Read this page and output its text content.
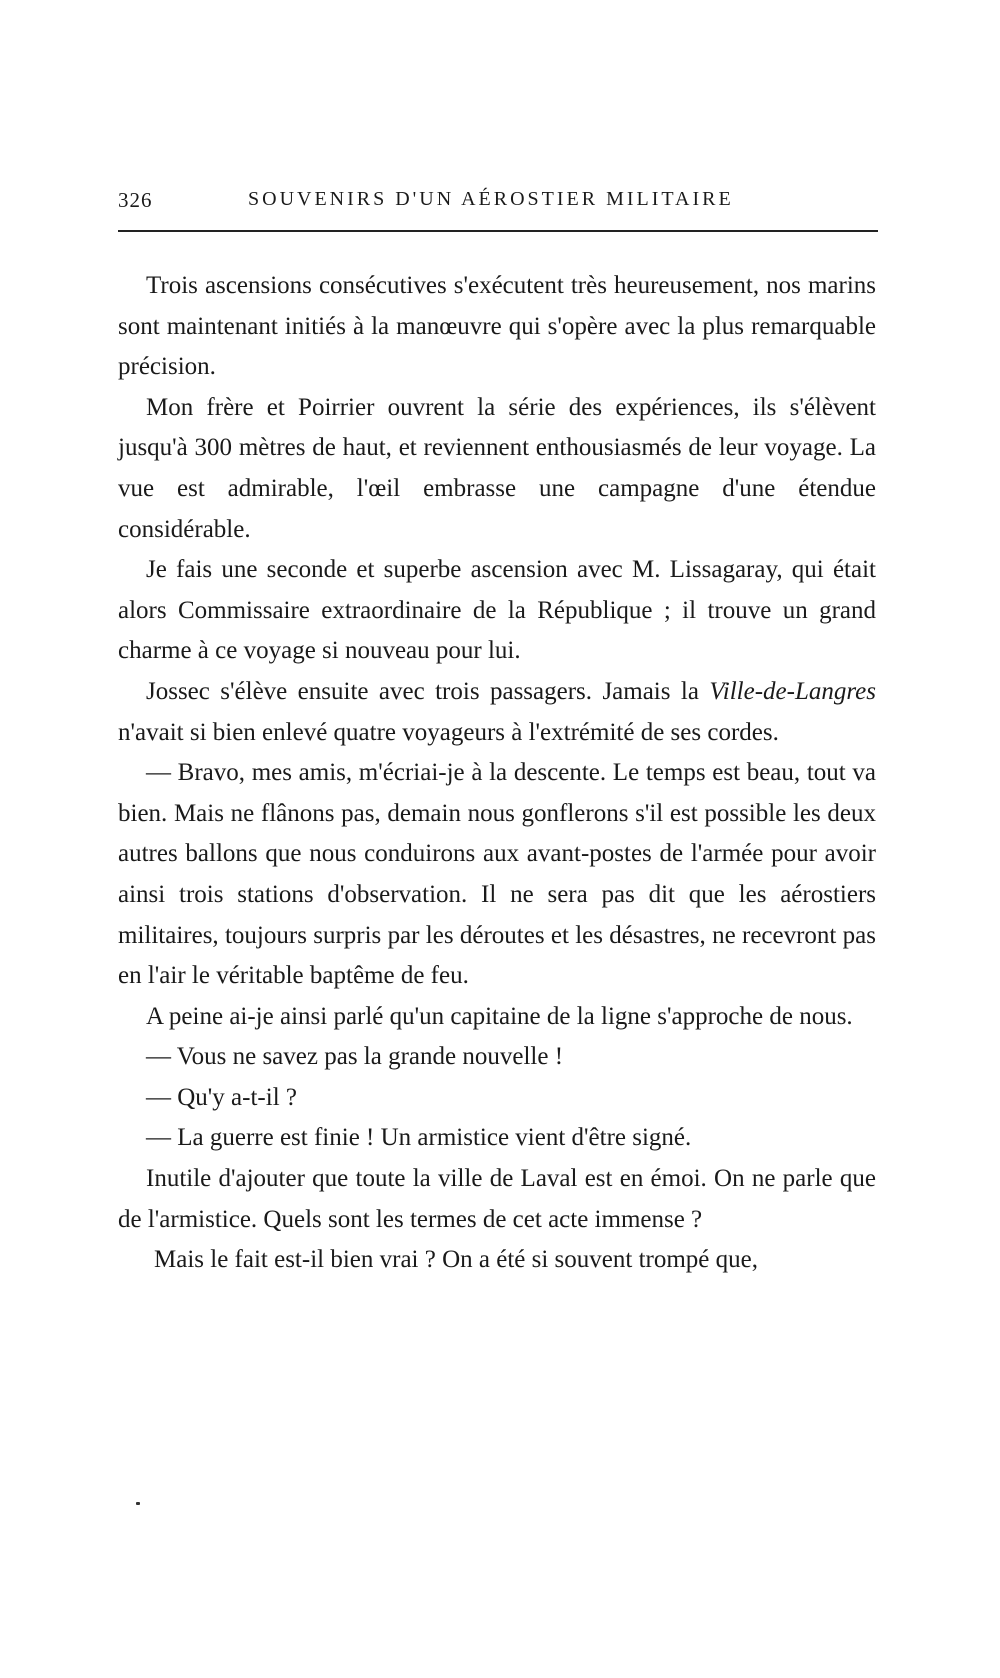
326	SOUVENIRS D'UN AÉROSTIER MILITAIRE

Trois ascensions consécutives s'exécutent très heureusement, nos marins sont maintenant initiés à la manœuvre qui s'opère avec la plus remarquable précision.

Mon frère et Poirrier ouvrent la série des expériences, ils s'élèvent jusqu'à 300 mètres de haut, et reviennent enthousiasmés de leur voyage. La vue est admirable, l'œil embrasse une campagne d'une étendue considérable.

Je fais une seconde et superbe ascension avec M. Lissagaray, qui était alors Commissaire extraordinaire de la République ; il trouve un grand charme à ce voyage si nouveau pour lui.

Jossec s'élève ensuite avec trois passagers. Jamais la Ville-de-Langres n'avait si bien enlevé quatre voyageurs à l'extrémité de ses cordes.

— Bravo, mes amis, m'écriai-je à la descente. Le temps est beau, tout va bien. Mais ne flânons pas, demain nous gonflerons s'il est possible les deux autres ballons que nous conduirons aux avant-postes de l'armée pour avoir ainsi trois stations d'observation. Il ne sera pas dit que les aérostiers militaires, toujours surpris par les déroutes et les désastres, ne recevront pas en l'air le véritable baptême de feu.

A peine ai-je ainsi parlé qu'un capitaine de la ligne s'approche de nous.

— Vous ne savez pas la grande nouvelle !

— Qu'y a-t-il ?

— La guerre est finie ! Un armistice vient d'être signé.

Inutile d'ajouter que toute la ville de Laval est en émoi. On ne parle que de l'armistice. Quels sont les termes de cet acte immense ?

Mais le fait est-il bien vrai ? On a été si souvent trompé que,
